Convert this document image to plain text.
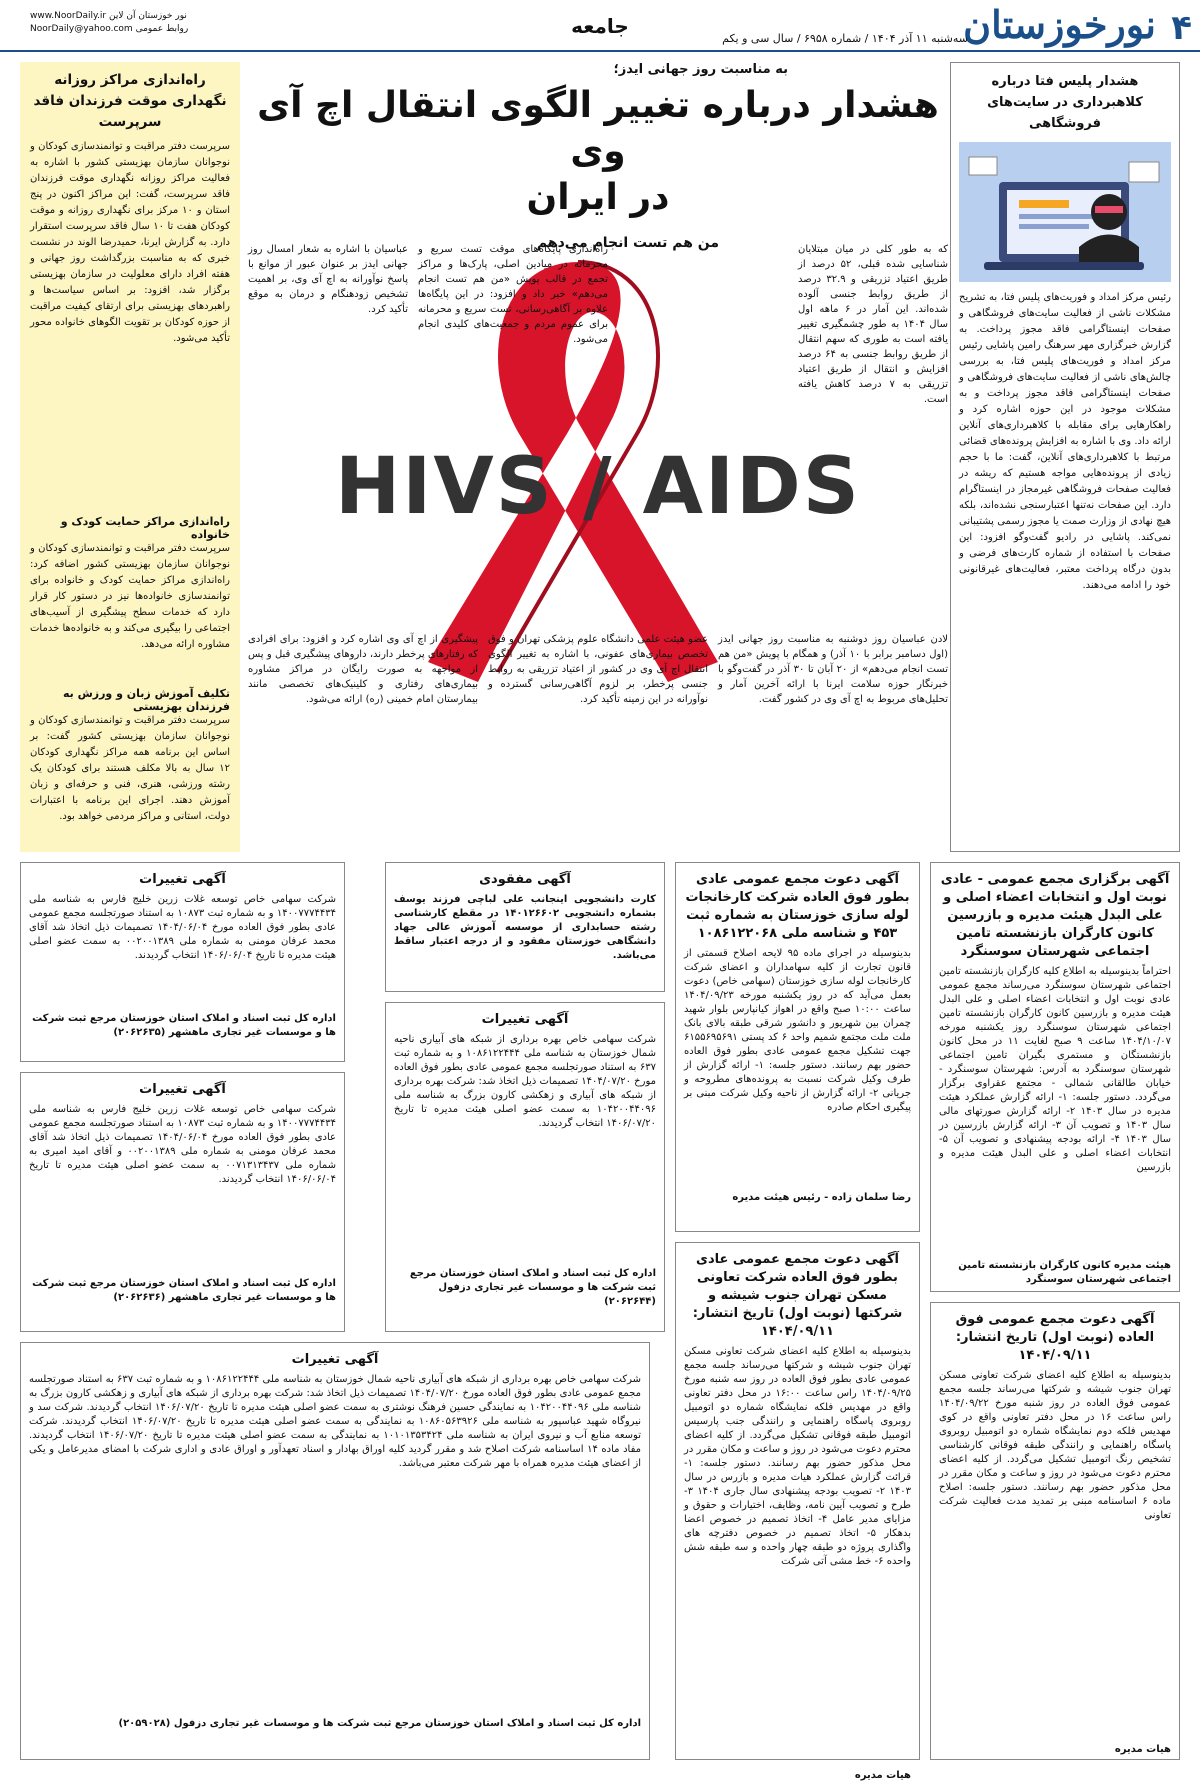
۴
نورخوزستان
سه‌شنبه ۱۱ آذر ۱۴۰۴ / شماره ۶۹۵۸ / سال سی و یکم
جامعه
www.NoorDaily.ir نور خوزستان آن لاین
NoorDaily@yahoo.com روابط عمومی
راه‌اندازی مراکز روزانه نگهداری موقت فرزندان فاقد سرپرست
سرپرست دفتر مراقبت و توانمندسازی کودکان و نوجوانان سازمان بهزیستی کشور با اشاره به فعالیت مراکز روزانه نگهداری موقت فرزندان فاقد سرپرست، گفت: این مراکز اکنون در پنج استان و ۱۰ مرکز برای نگهداری روزانه و موقت کودکان هفت تا ۱۰ سال فاقد سرپرست استقرار دارد. به گزارش ایرنا، حمیدرضا الوند در نشست خبری که به مناسبت بزرگداشت روز جهانی و هفته افراد دارای معلولیت در سازمان بهزیستی برگزار شد، افزود: بر اساس سیاست‌ها و راهبردهای بهزیستی برای ارتقای کیفیت مراقبت از حوزه کودکان بر تقویت الگوهای خانواده محور تأکید می‌شود.
راه‌اندازی مراکز حمایت کودک و خانواده
سرپرست دفتر مراقبت و توانمندسازی کودکان و نوجوانان سازمان بهزیستی کشور اضافه کرد: راه‌اندازی مراکز حمایت کودک و خانواده برای توانمندسازی خانواده‌ها نیز در دستور کار قرار دارد که خدمات سطح پیشگیری از آسیب‌های اجتماعی را بیگیری می‌کند و به خانواده‌ها خدمات مشاوره ارائه می‌دهد.
تکلیف آموزش زبان و ورزش به فرزندان بهزیستی
سرپرست دفتر مراقبت و توانمندسازی کودکان و نوجوانان سازمان بهزیستی کشور گفت: بر اساس این برنامه همه مراکز نگهداری کودکان ۱۲ سال به بالا مکلف هستند برای کودکان یک رشته ورزشی، هنری، فنی و حرفه‌ای و زبان آموزش دهند. اجرای این برنامه با اعتبارات دولت، استانی و مراکز مردمی خواهد بود.
هشدار پلیس فتا درباره کلاهبرداری در سایت‌های فروشگاهی
رئیس مرکز امداد و فوریت‌های پلیس فتا، به تشریح مشکلات ناشی از فعالیت سایت‌های فروشگاهی و صفحات اینستاگرامی فاقد مجوز پرداخت. به گزارش خبرگزاری مهر سرهنگ رامین پاشایی رئیس مرکز امداد و فوریت‌های پلیس فتا، به بررسی چالش‌های ناشی از فعالیت سایت‌های فروشگاهی و صفحات اینستاگرامی فاقد مجوز پرداخت و به مشکلات موجود در این حوزه اشاره کرد و راهکارهایی برای مقابله با کلاهبرداری‌های آنلاین ارائه داد. وی با اشاره به افزایش پرونده‌های قضائی مرتبط با کلاهبرداری‌های آنلاین، گفت: ما با حجم زیادی از پرونده‌هایی مواجه هستیم که ریشه در فعالیت صفحات فروشگاهی غیرمجاز در اینستاگرام دارد. این صفحات نه‌تنها اعتبارسنجی نشده‌اند، بلکه هیچ نهادی از وزارت صمت یا مجوز رسمی پشتیبانی نمی‌کند. پاشایی در رادیو گفت‌وگو افزود: این صفحات با استفاده از شماره کارت‌های فرضی و بدون درگاه پرداخت معتبر، فعالیت‌های غیرقانونی خود را ادامه می‌دهند.
به مناسبت روز جهانی ایدز؛
هشدار درباره تغییر الگوی انتقال اچ آی وی
در ایران
من هم تست انجام می‌دهم
HIVS / AIDS
که به طور کلی در میان مبتلایان شناسایی شده قبلی، ۵۲ درصد از طریق اعتیاد تزریقی و ۳۲.۹ درصد از طریق روابط جنسی آلوده شده‌اند. این آمار در ۶ ماهه اول سال ۱۴۰۴ به طور چشمگیری تغییر یافته است به طوری که سهم انتقال از طریق روابط جنسی به ۶۴ درصد افزایش و انتقال از طریق اعتیاد تزریقی به ۷ درصد کاهش یافته است.
راه‌اندازی پایگاه‌های موقت تست سریع و محرمانه در میادین اصلی، پارک‌ها و مراکز تجمع در قالب پویش «من هم تست انجام می‌دهم» خبر داد و افزود: در این پایگاه‌ها علاوه بر آگاهی‌رسانی، تست سریع و محرمانه برای عموم مردم و جمعیت‌های کلیدی انجام می‌شود.
عباسیان با اشاره به شعار امسال روز جهانی ایدز بر عنوان عبور از موانع با پاسخ نوآورانه به اچ آی وی، بر اهمیت تشخیص زودهنگام و درمان به موقع تأکید کرد.
پیشگیری از اچ آی وی اشاره کرد و افزود: برای افرادی که رفتارهای پرخطر دارند، داروهای پیشگیری قبل و پس از مواجهه به صورت رایگان در مراکز مشاوره بیماری‌های رفتاری و کلینیک‌های تخصصی مانند بیمارستان امام خمینی (ره) ارائه می‌شود.
عضو هیئت علمی دانشگاه علوم پزشکی تهران و فوق تخصص بیماری‌های عفونی، با اشاره به تغییر الگوی انتقال اچ آی وی در کشور از اعتیاد تزریقی به روابط جنسی پرخطر، بر لزوم آگاهی‌رسانی گسترده و نوآورانه در این زمینه تأکید کرد.
لادن عباسیان روز دوشنبه به مناسبت روز جهانی ایدز (اول دسامبر برابر با ۱۰ آذر) و همگام با پویش «من هم تست انجام می‌دهم» از ۲۰ آبان تا ۳۰ آذر در گفت‌وگو با خبرنگار حوزه سلامت ایرنا با ارائه آخرین آمار و تحلیل‌های مربوط به اچ آی وی در کشور گفت.
آگهی برگزاری مجمع عمومی - عادی نوبت اول و انتخابات اعضاء اصلی و علی البدل هیئت مدیره و بازرسین کانون کارگران بازنشسته تامین اجتماعی شهرستان سوسنگرد
احتراماً بدینوسیله به اطلاع کلیه کارگران بازنشسته تامین اجتماعی شهرستان سوسنگرد می‌رساند مجمع عمومی عادی نوبت اول و انتخابات اعضاء اصلی و علی البدل هیئت مدیره و بازرسین کانون کارگران بازنشسته تامین اجتماعی شهرستان سوسنگرد روز یکشنبه مورخه ۱۴۰۴/۱۰/۰۷ ساعت ۹ صبح لغایت ۱۱ در محل کانون بازنشستگان و مستمری بگیران تامین اجتماعی شهرستان سوسنگرد به آدرس: شهرستان سوسنگرد - خیابان طالقانی شمالی - مجتمع عقراوی برگزار می‌گردد. دستور جلسه: ۱- ارائه گزارش عملکرد هیئت مدیره در سال ۱۴۰۳ ۲- ارائه گزارش صورتهای مالی سال ۱۴۰۳ و تصویب آن ۳- ارائه گزارش بازرسین در سال ۱۴۰۳ ۴- ارائه بودجه پیشنهادی و تصویب آن ۵- انتخابات اعضاء اصلی و علی البدل هیئت مدیره و بازرسین
هیئت مدیره کانون کارگران بازنشسته تامین اجتماعی شهرستان سوسنگرد
آگهی دعوت مجمع عمومی فوق العاده (نوبت اول) تاریخ انتشار: ۱۴۰۴/۰۹/۱۱
بدینوسیله به اطلاع کلیه اعضای شرکت تعاونی مسکن تهران جنوب شیشه و شرکتها می‌رساند جلسه مجمع عمومی فوق العاده در روز شنبه مورخ ۱۴۰۴/۰۹/۲۲ راس ساعت ۱۶ در محل دفتر تعاونی واقع در کوی مهدیس فلکه دوم نمایشگاه شماره دو اتومبیل روبروی پاسگاه راهنمایی و رانندگی طبقه فوقانی کارشناسی تشخیص رنگ اتومبیل تشکیل می‌گردد. از کلیه اعضای محترم دعوت می‌شود در روز و ساعت و مکان مقرر در محل مذکور حضور بهم رسانند. دستور جلسه: اصلاح ماده ۶ اساسنامه مبنی بر تمدید مدت فعالیت شرکت تعاونی
هیات مدیره
آگهی دعوت مجمع عمومی عادی بطور فوق العاده شرکت کارخانجات لوله سازی خوزستان به شماره ثبت ۴۵۳ و شناسه ملی ۱۰۸۶۱۲۲۰۶۸
بدینوسیله در اجرای ماده ۹۵ لایحه اصلاح قسمتی از قانون تجارت از کلیه سهامداران و اعضای شرکت کارخانجات لوله سازی خوزستان (سهامی خاص) دعوت بعمل می‌آید که در روز یکشنبه مورخه ۱۴۰۴/۰۹/۲۳ ساعت ۱۰:۰۰ صبح واقع در اهواز کیانپارس بلوار شهید چمران بین شهریور و دانشور شرقی طبقه بالای بانک ملت ملت مجتمع شمیم واحد ۶ کد پستی ۶۱۵۵۶۹۵۶۹۱ جهت تشکیل مجمع عمومی عادی بطور فوق العاده حضور بهم رسانند. دستور جلسه: ۱- ارائه گزارش از طرف وکیل شرکت نسبت به پرونده‌های مطروحه و جریانی ۲- ارائه گزارش از ناحیه وکیل شرکت مبنی بر پیگیری احکام صادره
رضا سلمان زاده - رئیس هیئت مدیره
آگهی دعوت مجمع عمومی عادی بطور فوق العاده شرکت تعاونی مسکن تهران جنوب شیشه و شرکتها (نوبت اول) تاریخ انتشار: ۱۴۰۴/۰۹/۱۱
بدینوسیله به اطلاع کلیه اعضای شرکت تعاونی مسکن تهران جنوب شیشه و شرکتها می‌رساند جلسه مجمع عمومی عادی بطور فوق العاده در روز سه شنبه مورخ ۱۴۰۴/۰۹/۲۵ راس ساعت ۱۶:۰۰ در محل دفتر تعاونی واقع در مهدیس فلکه نمایشگاه شماره دو اتومبیل روبروی پاسگاه راهنمایی و رانندگی جنب پارسیس اتومبیل طبقه فوقانی تشکیل می‌گردد. از کلیه اعضای محترم دعوت می‌شود در روز و ساعت و مکان مقرر در محل مذکور حضور بهم رسانند. دستور جلسه: ۱- قرائت گزارش عملکرد هیات مدیره و بازرس در سال ۱۴۰۳ ۲- تصویب بودجه پیشنهادی سال جاری ۱۴۰۴ ۳- طرح و تصویب آیین نامه، وظایف، اختیارات و حقوق و مزایای مدیر عامل ۴- اتخاذ تصمیم در خصوص اعضا بدهکار ۵- اتخاذ تصمیم در خصوص دفترچه های واگذاری پروژه دو طبقه چهار واحده و سه طبقه شش واحده ۶- خط مشی آتی شرکت
هیات مدیره
آگهی مفقودی
کارت دانشجویی اینجانب علی لباچی فرزند یوسف بشماره دانشجویی ۱۴۰۱۲۶۶۰۲ در مقطع کارشناسی رشته حسابداری از موسسه آموزش عالی جهاد دانشگاهی خوزستان مفقود و از درجه اعتبار ساقط می‌باشد.
آگهی تغییرات
شرکت سهامی خاص بهره برداری از شبکه های آبیاری ناحیه شمال خوزستان به شناسه ملی ۱۰۸۶۱۲۲۴۴۴ و به شماره ثبت ۶۳۷ به استناد صورتجلسه مجمع عمومی عادی بطور فوق العاده مورخ ۱۴۰۴/۰۷/۲۰ تصمیمات ذیل اتخاذ شد: شرکت بهره برداری از شبکه های آبیاری و زهکشی کارون بزرگ به شناسه ملی ۱۰۴۲۰۰۴۴۰۹۶ به سمت عضو اصلی هیئت مدیره تا تاریخ ۱۴۰۶/۰۷/۲۰ انتخاب گردیدند.
اداره کل ثبت اسناد و املاک استان خوزستان مرجع ثبت شرکت ها و موسسات غیر تجاری دزفول (۲۰۶۲۶۴۴)
آگهی تغییرات
شرکت سهامی خاص توسعه غلات زرین خلیج فارس به شناسه ملی ۱۴۰۰۷۷۷۴۴۳۴ و به شماره ثبت ۱۰۸۷۳ به استناد صورتجلسه مجمع عمومی عادی بطور فوق العاده مورخ ۱۴۰۴/۰۶/۰۴ تصمیمات ذیل اتخاذ شد آقای محمد عرفان مومنی به شماره ملی ۰۰۲۰۰۱۳۸۹ به سمت عضو اصلی هیئت مدیره تا تاریخ ۱۴۰۶/۰۶/۰۴ انتخاب گردیدند.
اداره کل ثبت اسناد و املاک استان خوزستان مرجع ثبت شرکت ها و موسسات غیر تجاری ماهشهر (۲۰۶۲۶۳۵)
آگهی تغییرات
شرکت سهامی خاص توسعه غلات زرین خلیج فارس به شناسه ملی ۱۴۰۰۷۷۷۴۴۳۴ و به شماره ثبت ۱۰۸۷۳ به استناد صورتجلسه مجمع عمومی عادی بطور فوق العاده مورخ ۱۴۰۴/۰۶/۰۴ تصمیمات ذیل اتخاذ شد آقای محمد عرفان مومنی به شماره ملی ۰۰۲۰۰۱۳۸۹ و آقای امید امیری به شماره ملی ۰۰۷۱۳۱۳۴۳۷ به سمت عضو اصلی هیئت مدیره تا تاریخ ۱۴۰۶/۰۶/۰۴ انتخاب گردیدند.
اداره کل ثبت اسناد و املاک استان خوزستان مرجع ثبت شرکت ها و موسسات غیر تجاری ماهشهر (۲۰۶۲۶۳۶)
آگهی تغییرات
شرکت سهامی خاص بهره برداری از شبکه های آبیاری ناحیه شمال خوزستان به شناسه ملی ۱۰۸۶۱۲۲۴۴۴ و به شماره ثبت ۶۳۷ به استناد صورتجلسه مجمع عمومی عادی بطور فوق العاده مورخ ۱۴۰۴/۰۷/۲۰ تصمیمات ذیل اتخاذ شد: شرکت بهره برداری از شبکه های آبیاری و زهکشی کارون بزرگ به شناسه ملی ۱۰۴۲۰۰۴۴۰۹۶ به نمایندگی حسین فرهنگ نوشتری به سمت عضو اصلی هیئت مدیره تا تاریخ ۱۴۰۶/۰۷/۲۰ انتخاب گردیدند. شرکت سد و نیروگاه شهید عباسپور به شناسه ملی ۱۰۸۶۰۵۶۳۹۲۶ به نمایندگی به سمت عضو اصلی هیئت مدیره تا تاریخ ۱۴۰۶/۰۷/۲۰ انتخاب گردیدند. شرکت توسعه منابع آب و نیروی ایران به شناسه ملی ۱۰۱۰۱۳۵۳۴۲۴ به نمایندگی به سمت عضو اصلی هیئت مدیره تا تاریخ ۱۴۰۶/۰۷/۲۰ انتخاب گردیدند. مفاد ماده ۱۴ اساسنامه شرکت اصلاح شد و مقرر گردید کلیه اوراق بهادار و اسناد تعهدآور و اوراق عادی و اداری شرکت با امضای مدیرعامل و یکی از اعضای هیئت مدیره همراه با مهر شرکت معتبر می‌باشد.
اداره کل ثبت اسناد و املاک استان خوزستان مرجع ثبت شرکت ها و موسسات غیر تجاری دزفول (۲۰۵۹۰۲۸)
